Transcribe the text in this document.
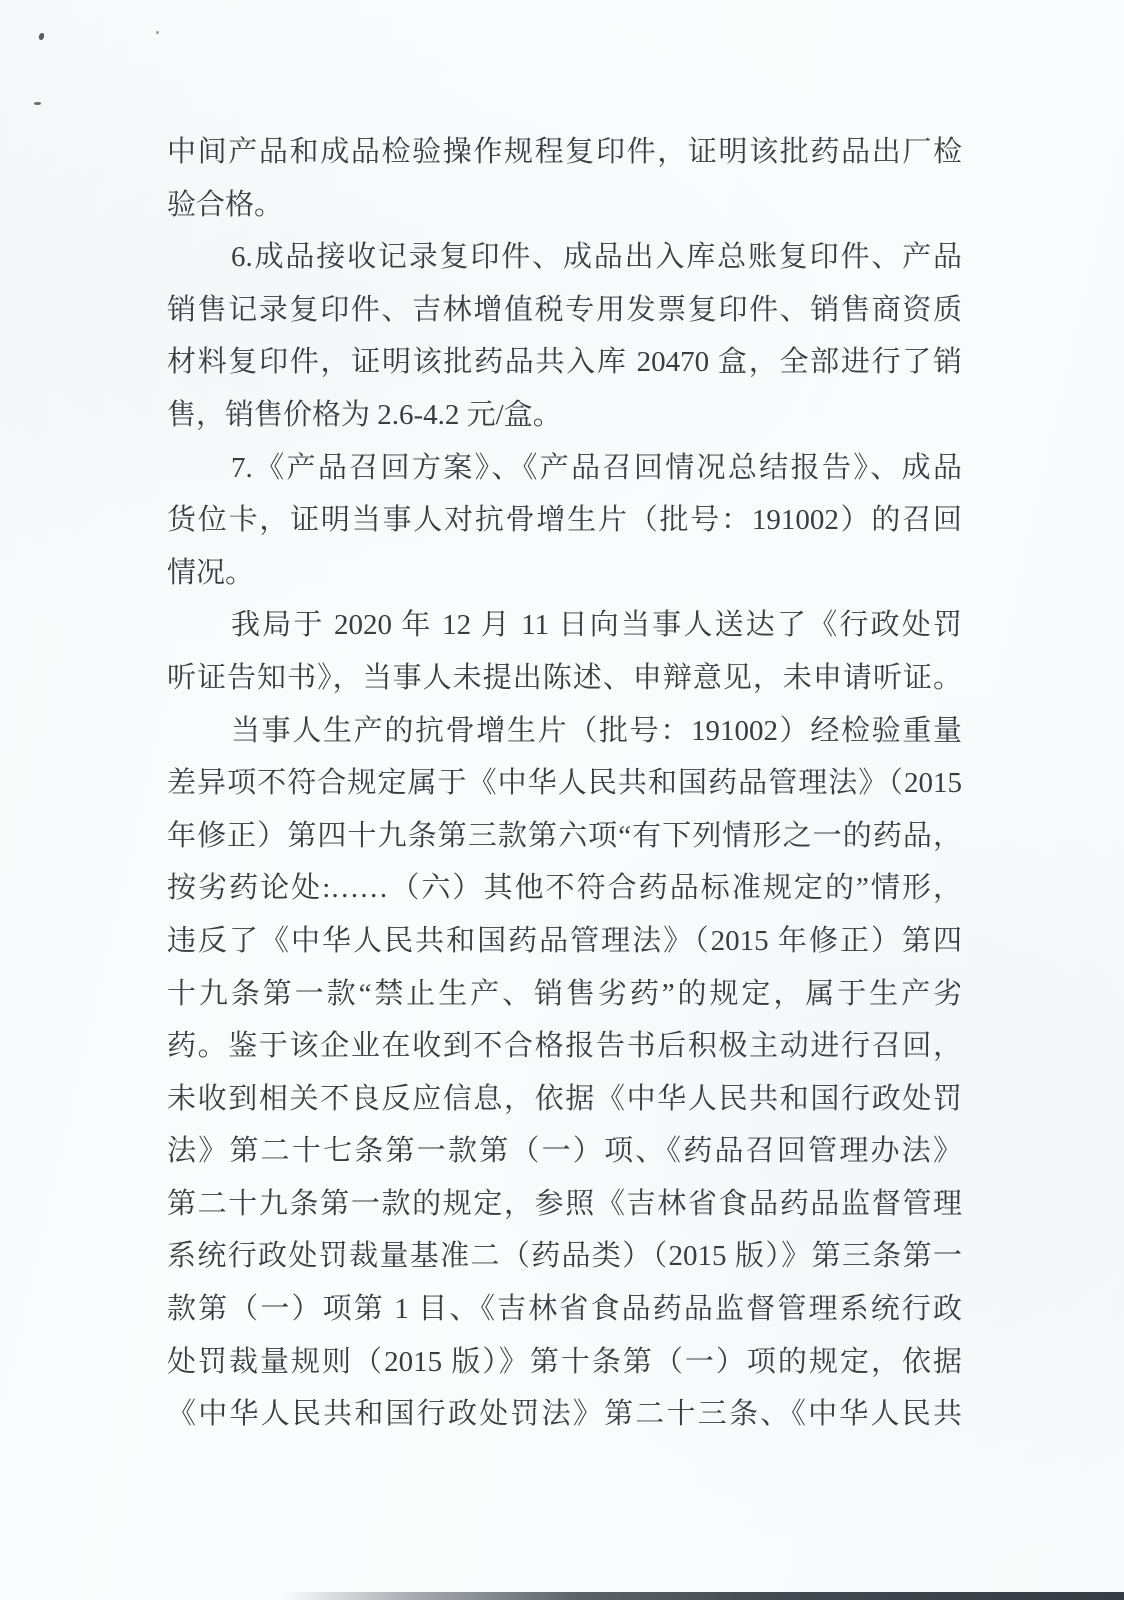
中间产品和成品检验操作规程复印件，证明该批药品出厂检
验合格。
6.成品接收记录复印件、成品出入库总账复印件、产品
销售记录复印件、吉林增值税专用发票复印件、销售商资质
材料复印件，证明该批药品共入库 20470 盒，全部进行了销
售，销售价格为 2.6-4.2 元/盒。
7.《产品召回方案》、《产品召回情况总结报告》、成品
货位卡，证明当事人对抗骨增生片（批号：191002）的召回
情况。
我局于 2020 年 12 月 11 日向当事人送达了《行政处罚
听证告知书》，当事人未提出陈述、申辩意见，未申请听证。
当事人生产的抗骨增生片（批号：191002）经检验重量
差异项不符合规定属于《中华人民共和国药品管理法》（2015
年修正）第四十九条第三款第六项“有下列情形之一的药品，
按劣药论处:……（六）其他不符合药品标准规定的”情形，
违反了《中华人民共和国药品管理法》（2015 年修正）第四
十九条第一款“禁止生产、销售劣药”的规定，属于生产劣
药。鉴于该企业在收到不合格报告书后积极主动进行召回，
未收到相关不良反应信息，依据《中华人民共和国行政处罚
法》第二十七条第一款第（一）项、《药品召回管理办法》
第二十九条第一款的规定，参照《吉林省食品药品监督管理
系统行政处罚裁量基准二（药品类）（2015 版）》第三条第一
款第（一）项第 1 目、《吉林省食品药品监督管理系统行政
处罚裁量规则（2015 版）》第十条第（一）项的规定，依据
《中华人民共和国行政处罚法》第二十三条、《中华人民共
